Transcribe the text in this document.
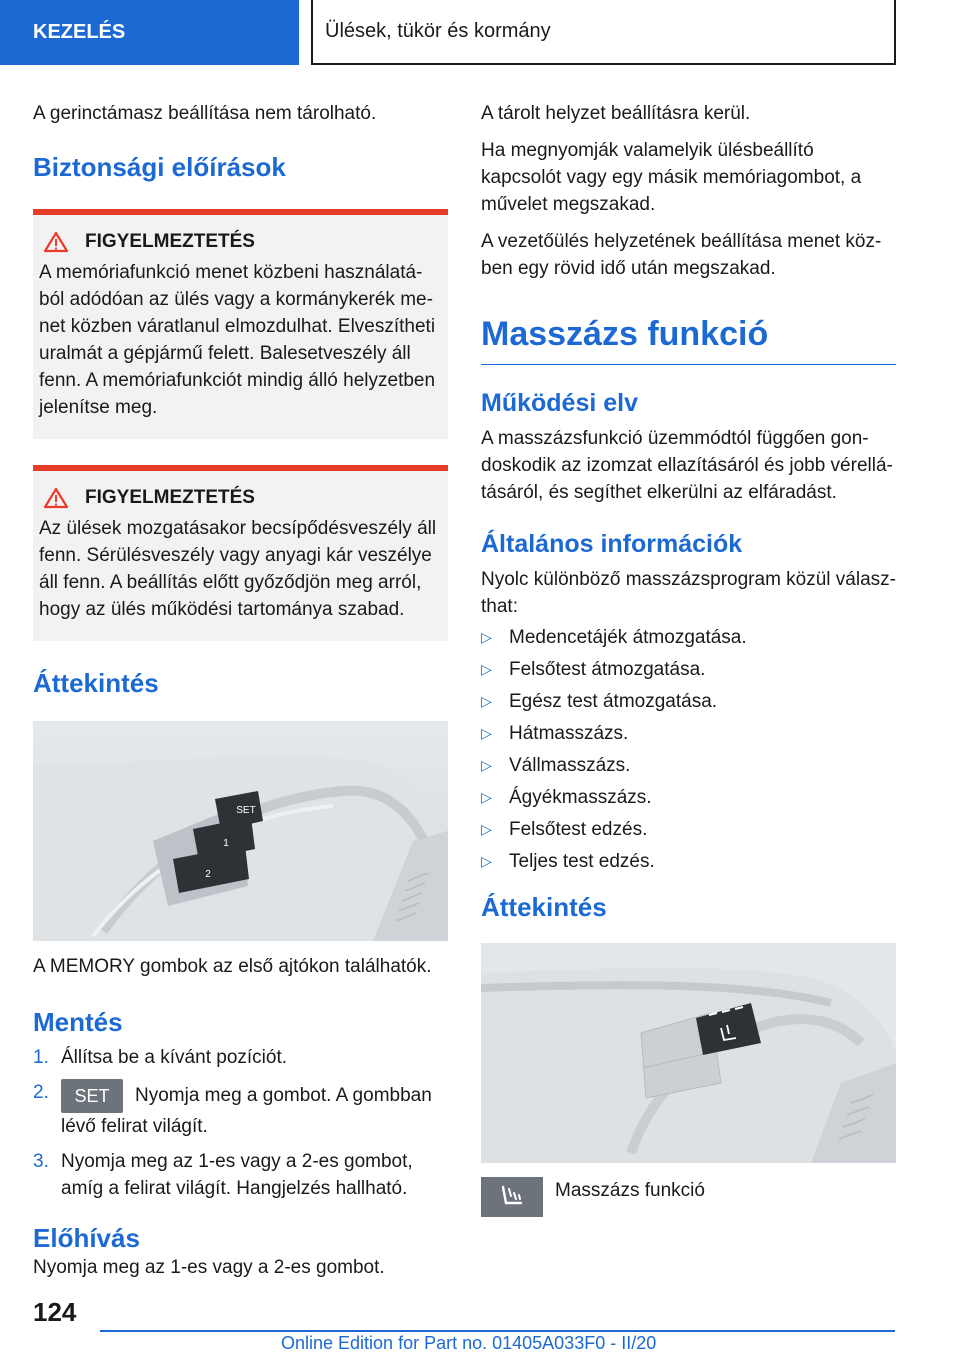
KEZELÉS	Ülések, tükör és kormány

A gerinctámasz beállítása nem tárolható.

Biztonsági előírások
FIGYELMEZTETÉS

A memóriafunkció menet közbeni használatából adódóan az ülés vagy a kormánykerék menet közben váratlanul elmozdulhat. Elveszítheti uralmát a gépjármű felett. Balesetveszély áll fenn. A memóriafunkciót mindig álló helyzetben jelenítse meg.

FIGYELMEZTETÉS

Az ülések mozgatásakor becsípődésveszély áll fenn. Sérülésveszély vagy anyagi kár veszélye áll fenn. A beállítás előtt győződjön meg arról, hogy az ülés működési tartománya szabad.

Áttekintés
SET
1
2

A MEMORY gombok az első ajtókon találhatók.

Mentés
1. Állítsa be a kívánt pozíciót.
2.	SET Nyomja meg a gombot. A gombban lévő felirat világít.
3. Nyomja meg az 1-es vagy a 2-es gombot, amíg a felirat világít. Hangjelzés hallható.
Előhívás

Nyomja meg az 1-es vagy a 2-es gombot.

A tárolt helyzet beállításra kerül.

Ha megnyomják valamelyik ülésbeállító kapcsolót vagy egy másik memóriagombot, a művelet megszakad.

A vezetőülés helyzetének beállítása menet közben egy rövid idő után megszakad.

Masszázs funkció
Működési elv

A masszázsfunkció üzemmódtól függően gondoskodik az izomzat ellazításáról és jobb vérellátásáról, és segíthet elkerülni az elfáradást.

Általános információk

Nyolc különböző masszázsprogram közül választhat:

▷ Medencetájék átmozgatása.
▷ Felsőtest átmozgatása.
▷ Egész test átmozgatása.
▷ Hátmasszázs.
▷ Vállmasszázs.
▷ Ágyékmasszázs.
▷ Felsőtest edzés.
▷ Teljes test edzés.
Áttekintés
Masszázs funkció
124
Online Edition for Part no. 01405A033F0 - II/20
